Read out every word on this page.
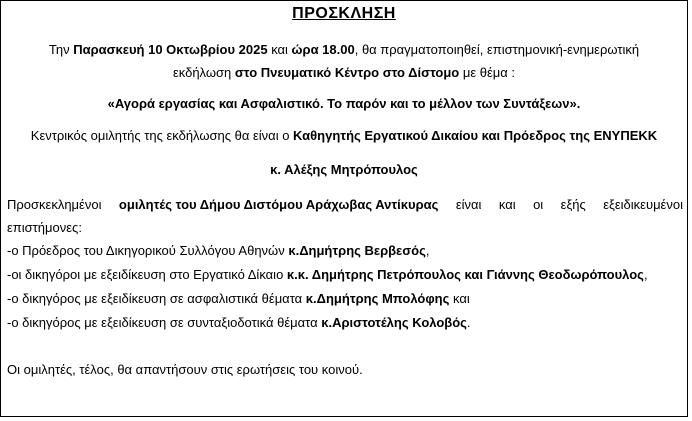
ΠΡΟΣΚΛΗΣΗ
Την Παρασκευή 10 Οκτωβρίου 2025 και ώρα 18.00, θα πραγματοποιηθεί, επιστημονική-ενημερωτική
εκδήλωση στο Πνευματικό Κέντρο στο Δίστομο με θέμα :
«Αγορά εργασίας και Ασφαλιστικό. Το παρόν και το μέλλον των Συντάξεων».
Κεντρικός ομιλητής της εκδήλωσης θα είναι ο Καθηγητής Εργατικού Δικαίου και Πρόεδρος της ΕΝΥΠΕΚΚ
κ. Αλέξης Μητρόπουλος
Προσκεκλημένοι ομιλητές του Δήμου Διστόμου Αράχωβας Αντίκυρας είναι και οι εξής εξειδικευμένοι
επιστήμονες:
-ο Πρόεδρος του Δικηγορικού Συλλόγου Αθηνών κ.Δημήτρης Βερβεσός,
-οι δικηγόροι με εξειδίκευση στο Εργατικό Δίκαιο κ.κ. Δημήτρης Πετρόπουλος και Γιάννης Θεοδωρόπουλος,
-ο δικηγόρος με εξειδίκευση σε ασφαλιστικά θέματα κ.Δημήτρης Μπολόφης και
-ο δικηγόρος με εξειδίκευση σε συνταξιοδοτικά θέματα κ.Αριστοτέλης Κολοβός.
Οι ομιλητές, τέλος, θα απαντήσουν στις ερωτήσεις του κοινού.
